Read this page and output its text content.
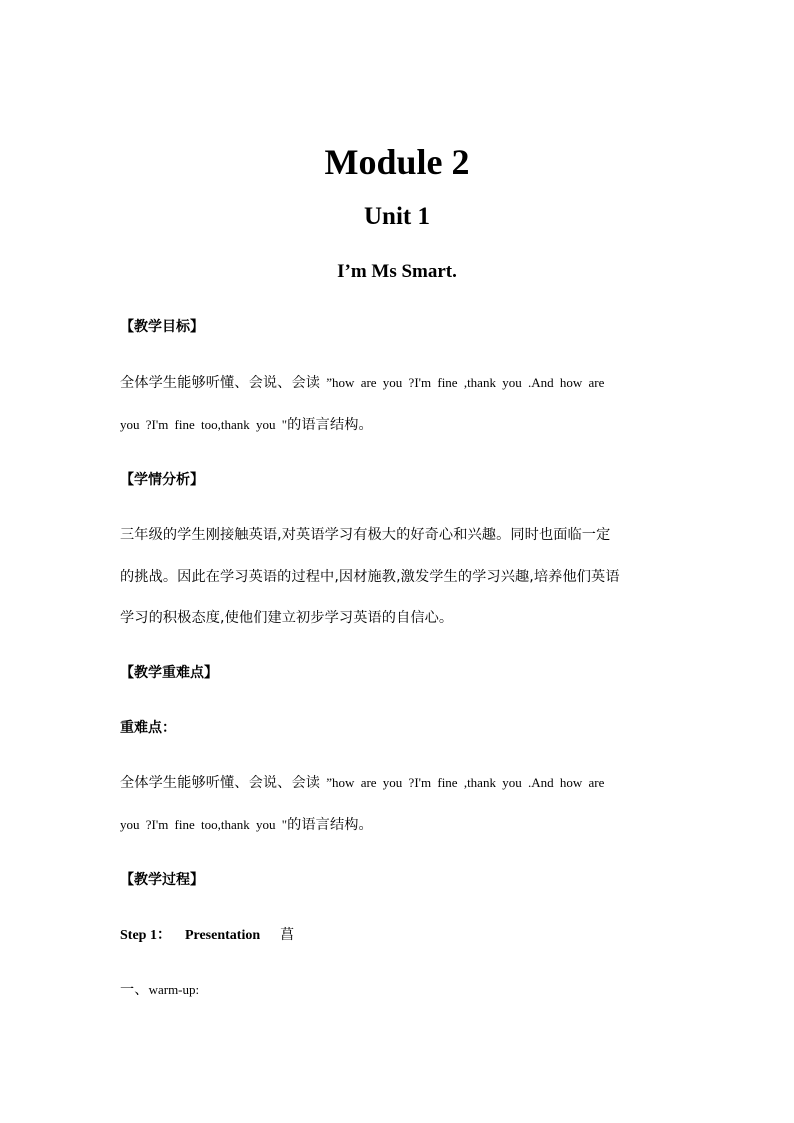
Module 2
Unit 1
I’m Ms Smart.
【教学目标】
全体学生能够听懂、会说、会读 ”how are you ?I'm fine ,thank you .And how are
you ?I'm fine too,thank you "的语言结构。
【学情分析】
三年级的学生刚接触英语,对英语学习有极大的好奇心和兴趣。同时也面临一定
的挑战。因此在学习英语的过程中,因材施教,激发学生的学习兴趣,培养他们英语
学习的积极态度,使他们建立初步学习英语的自信心。
【教学重难点】
重难点：
全体学生能够听懂、会说、会读 ”how are you ?I'm fine ,thank you .And how are
you ?I'm fine too,thank you "的语言结构。
【教学过程】
Step 1： Presentation 菖
一、warm-up:
